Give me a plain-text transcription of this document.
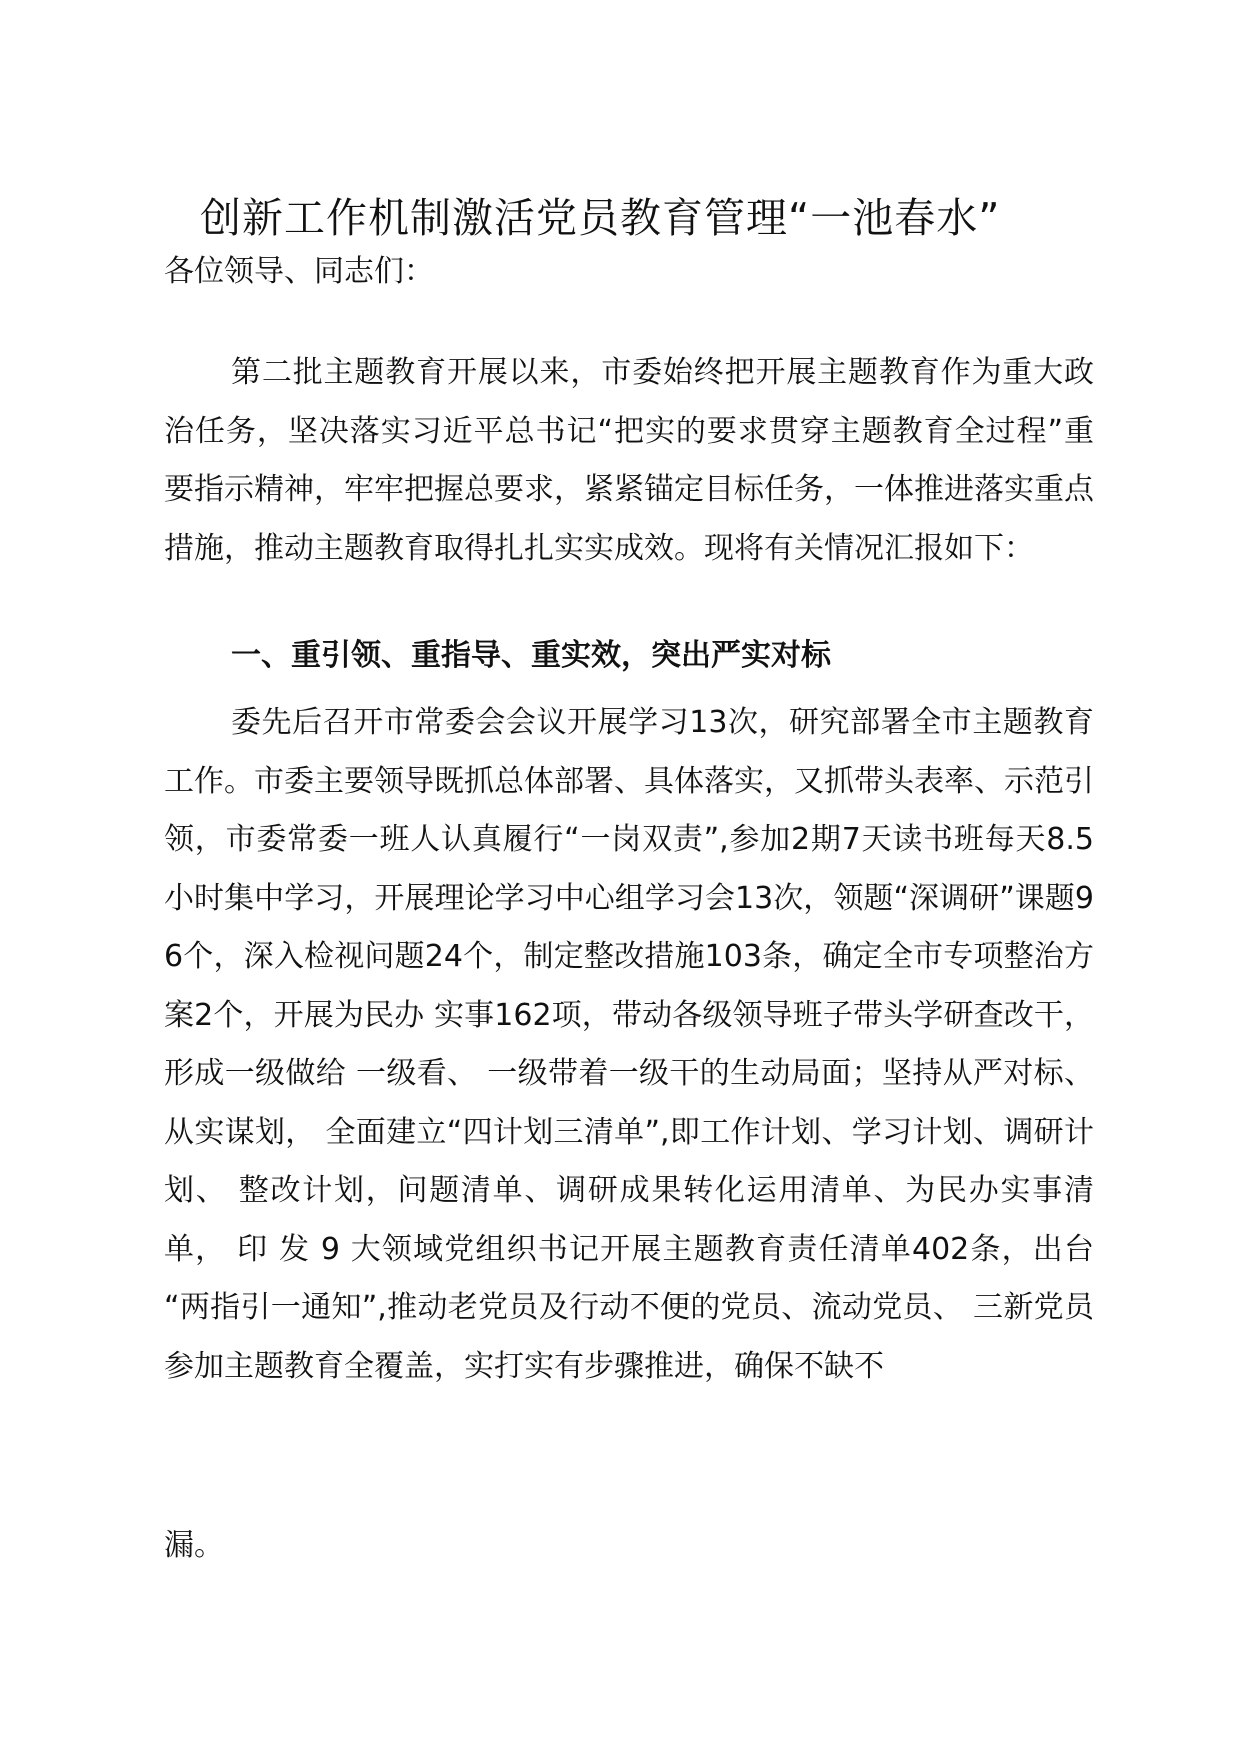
创新工作机制激活党员教育管理“一池春水”

各位领导、同志们：

第二批主题教育开展以来，市委始终把开展主题教育作为重大政治任务，坚决落实习近平总书记“把实的要求贯穿主题教育全过程”重要指示精神，牢牢把握总要求，紧紧锚定目标任务，一体推进落实重点措施，推动主题教育取得扎扎实实成效。现将有关情况汇报如下：

一、重引领、重指导、重实效，突出严实对标

委先后召开市常委会会议开展学习13次，研究部署全市主题教育工作。市委主要领导既抓总体部署、具体落实，又抓带头表率、示范引领，市委常委一班人认真履行“一岗双责”,参加2期7天读书班每天8.5小时集中学习，开展理论学习中心组学习会13次，领题“深调研”课题96个，深入检视问题24个，制定整改措施103条，确定全市专项整治方案2个，开展为民办 实事162项，带动各级领导班子带头学研查改干，形成一级做给 一级看、 一级带着一级干的生动局面；坚持从严对标、从实谋划， 全面建立“四计划三清单”,即工作计划、学习计划、调研计划、 整改计划，问题清单、调研成果转化运用清单、为民办实事清单， 印 发 9 大领域党组织书记开展主题教育责任清单402条，出台 “两指引一通知”,推动老党员及行动不便的党员、流动党员、 三新党员参加主题教育全覆盖，实打实有步骤推进，确保不缺不

漏。
